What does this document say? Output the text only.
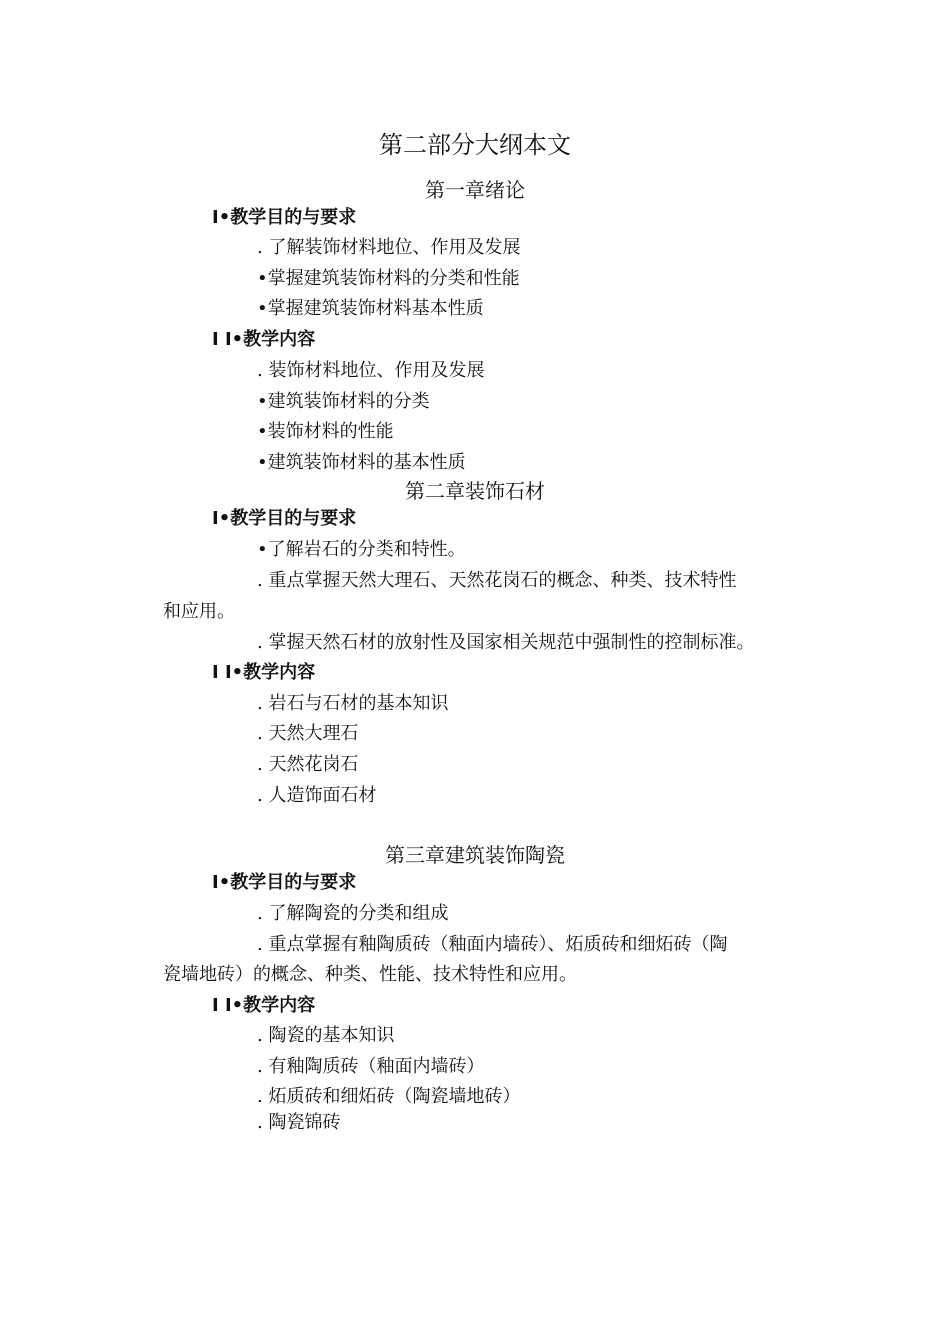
第二部分大纲本文
第一章绪论
I•教学目的与要求
. 了解装饰材料地位、作用及发展
•掌握建筑装饰材料的分类和性能
•掌握建筑装饰材料基本性质
I I•教学内容
. 装饰材料地位、作用及发展
•建筑装饰材料的分类
•装饰材料的性能
•建筑装饰材料的基本性质
第二章装饰石材
I•教学目的与要求
•了解岩石的分类和特性。
. 重点掌握天然大理石、天然花岗石的概念、种类、技术特性
和应用。
. 掌握天然石材的放射性及国家相关规范中强制性的控制标准。
I I•教学内容
. 岩石与石材的基本知识
. 天然大理石
. 天然花岗石
. 人造饰面石材
第三章建筑装饰陶瓷
I•教学目的与要求
. 了解陶瓷的分类和组成
. 重点掌握有釉陶质砖（釉面内墙砖）、炻质砖和细炻砖（陶
瓷墙地砖）的概念、种类、性能、技术特性和应用。
I I•教学内容
. 陶瓷的基本知识
. 有釉陶质砖（釉面内墙砖）
. 炻质砖和细炻砖（陶瓷墙地砖）
. 陶瓷锦砖
